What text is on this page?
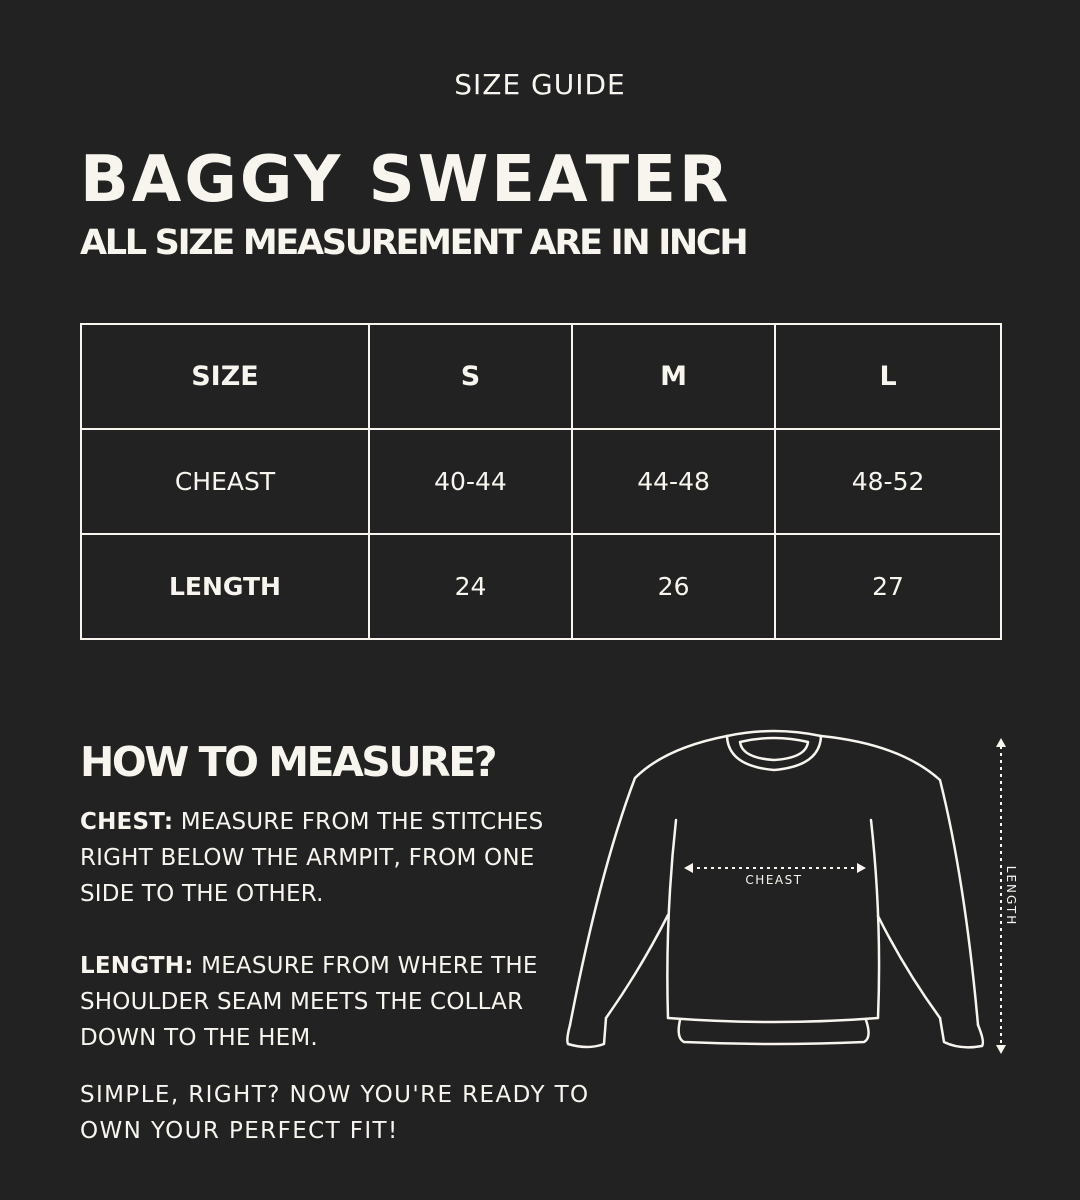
SIZE GUIDE
BAGGY SWEATER
ALL SIZE MEASUREMENT ARE IN INCH
SIZE	S	M	L
CHEAST	40-44	44-48	48-52
LENGTH	24	26	27
HOW TO MEASURE?
CHEST: MEASURE FROM THE STITCHES RIGHT BELOW THE ARMPIT, FROM ONE SIDE TO THE OTHER.
LENGTH: MEASURE FROM WHERE THE SHOULDER SEAM MEETS THE COLLAR DOWN TO THE HEM.
SIMPLE, RIGHT? NOW YOU'RE READY TO OWN YOUR PERFECT FIT!
CHEAST	LENGTH
